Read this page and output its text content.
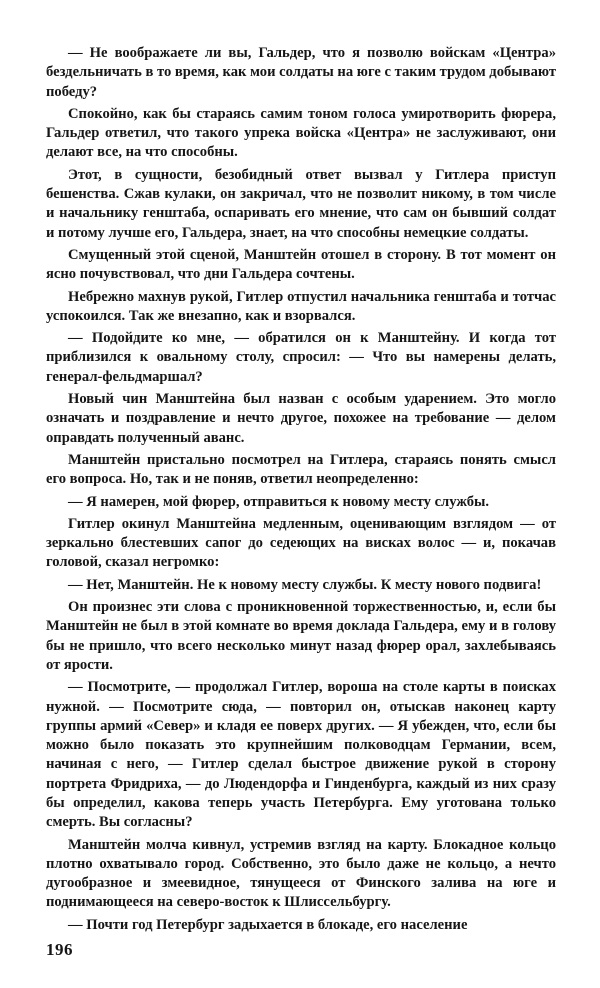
— Не воображаете ли вы, Гальдер, что я позволю войскам «Центра» бездельничать в то время, как мои солдаты на юге с таким трудом добывают победу?

Спокойно, как бы стараясь самим тоном голоса умиротворить фюрера, Гальдер ответил, что такого упрека войска «Центра» не заслуживают, они делают все, на что способны.

Этот, в сущности, безобидный ответ вызвал у Гитлера приступ бешенства. Сжав кулаки, он закричал, что не позволит никому, в том числе и начальнику генштаба, оспаривать его мнение, что сам он бывший солдат и потому лучше его, Гальдера, знает, на что способны немецкие солдаты.

Смущенный этой сценой, Манштейн отошел в сторону. В тот момент он ясно почувствовал, что дни Гальдера сочтены.

Небрежно махнув рукой, Гитлер отпустил начальника генштаба и тотчас успокоился. Так же внезапно, как и взорвался.

— Подойдите ко мне, — обратился он к Манштейну. И когда тот приблизился к овальному столу, спросил: — Что вы намерены делать, генерал-фельдмаршал?

Новый чин Манштейна был назван с особым ударением. Это могло означать и поздравление и нечто другое, похожее на требование — делом оправдать полученный аванс.

Манштейн пристально посмотрел на Гитлера, стараясь понять смысл его вопроса. Но, так и не поняв, ответил неопределенно:

— Я намерен, мой фюрер, отправиться к новому месту службы.

Гитлер окинул Манштейна медленным, оценивающим взглядом — от зеркально блестевших сапог до седеющих на висках волос — и, покачав головой, сказал негромко:

— Нет, Манштейн. Не к новому месту службы. К месту нового подвига!

Он произнес эти слова с проникновенной торжественностью, и, если бы Манштейн не был в этой комнате во время доклада Гальдера, ему и в голову бы не пришло, что всего несколько минут назад фюрер орал, захлебываясь от ярости.

— Посмотрите, — продолжал Гитлер, вороша на столе карты в поисках нужной. — Посмотрите сюда, — повторил он, отыскав наконец карту группы армий «Север» и кладя ее поверх других. — Я убежден, что, если бы можно было показать это крупнейшим полководцам Германии, всем, начиная с него, — Гитлер сделал быстрое движение рукой в сторону портрета Фридриха, — до Людендорфа и Гинденбурга, каждый из них сразу бы определил, какова теперь участь Петербурга. Ему уготована только смерть. Вы согласны?

Манштейн молча кивнул, устремив взгляд на карту. Блокадное кольцо плотно охватывало город. Собственно, это было даже не кольцо, а нечто дугообразное и змеевидное, тянущееся от Финского залива на юге и поднимающееся на северо-восток к Шлиссельбургу.

— Почти год Петербург задыхается в блокаде, его население

196
